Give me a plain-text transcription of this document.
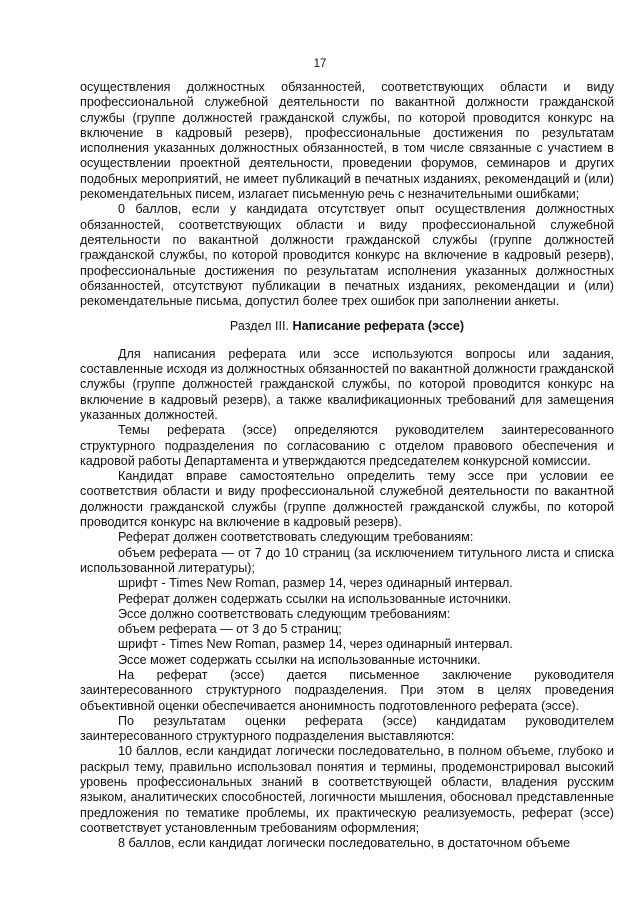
17

осуществления должностных обязанностей, соответствующих области и виду профессиональной служебной деятельности по вакантной должности гражданской службы (группе должностей гражданской службы, по которой проводится конкурс на включение в кадровый резерв), профессиональные достижения по результатам исполнения указанных должностных обязанностей, в том числе связанные с участием в осуществлении проектной деятельности, проведении форумов, семинаров и других подобных мероприятий, не имеет публикаций в печатных изданиях, рекомендаций и (или) рекомендательных писем, излагает письменную речь с незначительными ошибками;

0 баллов, если у кандидата отсутствует опыт осуществления должностных обязанностей, соответствующих области и виду профессиональной служебной деятельности по вакантной должности гражданской службы (группе должностей гражданской службы, по которой проводится конкурс на включение в кадровый резерв), профессиональные достижения по результатам исполнения указанных должностных обязанностей, отсутствуют публикации в печатных изданиях, рекомендации и (или) рекомендательные письма, допустил более трех ошибок при заполнении анкеты.

Раздел III. Написание реферата (эссе)

Для написания реферата или эссе используются вопросы или задания, составленные исходя из должностных обязанностей по вакантной должности гражданской службы (группе должностей гражданской службы, по которой проводится конкурс на включение в кадровый резерв), а также квалификационных требований для замещения указанных должностей.

Темы реферата (эссе) определяются руководителем заинтересованного структурного подразделения по согласованию с отделом правового обеспечения и кадровой работы Департамента и утверждаются председателем конкурсной комиссии.

Кандидат вправе самостоятельно определить тему эссе при условии ее соответствия области и виду профессиональной служебной деятельности по вакантной должности гражданской службы (группе должностей гражданской службы, по которой проводится конкурс на включение в кадровый резерв).

Реферат должен соответствовать следующим требованиям:

объем реферата — от 7 до 10 страниц (за исключением титульного листа и списка использованной литературы);

шрифт - Times New Roman, размер 14, через одинарный интервал.

Реферат должен содержать ссылки на использованные источники.

Эссе должно соответствовать следующим требованиям:

объем реферата — от 3 до 5 страниц;

шрифт - Times New Roman, размер 14, через одинарный интервал.

Эссе может содержать ссылки на использованные источники.

На реферат (эссе) дается письменное заключение руководителя заинтересованного структурного подразделения. При этом в целях проведения объективной оценки обеспечивается анонимность подготовленного реферата (эссе).

По результатам оценки реферата (эссе) кандидатам руководителем заинтересованного структурного подразделения выставляются:

10 баллов, если кандидат логически последовательно, в полном объеме, глубоко и раскрыл тему, правильно использовал понятия и термины, продемонстрировал высокий уровень профессиональных знаний в соответствующей области, владения русским языком, аналитических способностей, логичности мышления, обосновал представленные предложения по тематике проблемы, их практическую реализуемость, реферат (эссе) соответствует установленным требованиям оформления;

8 баллов, если кандидат логически последовательно, в достаточном объеме
